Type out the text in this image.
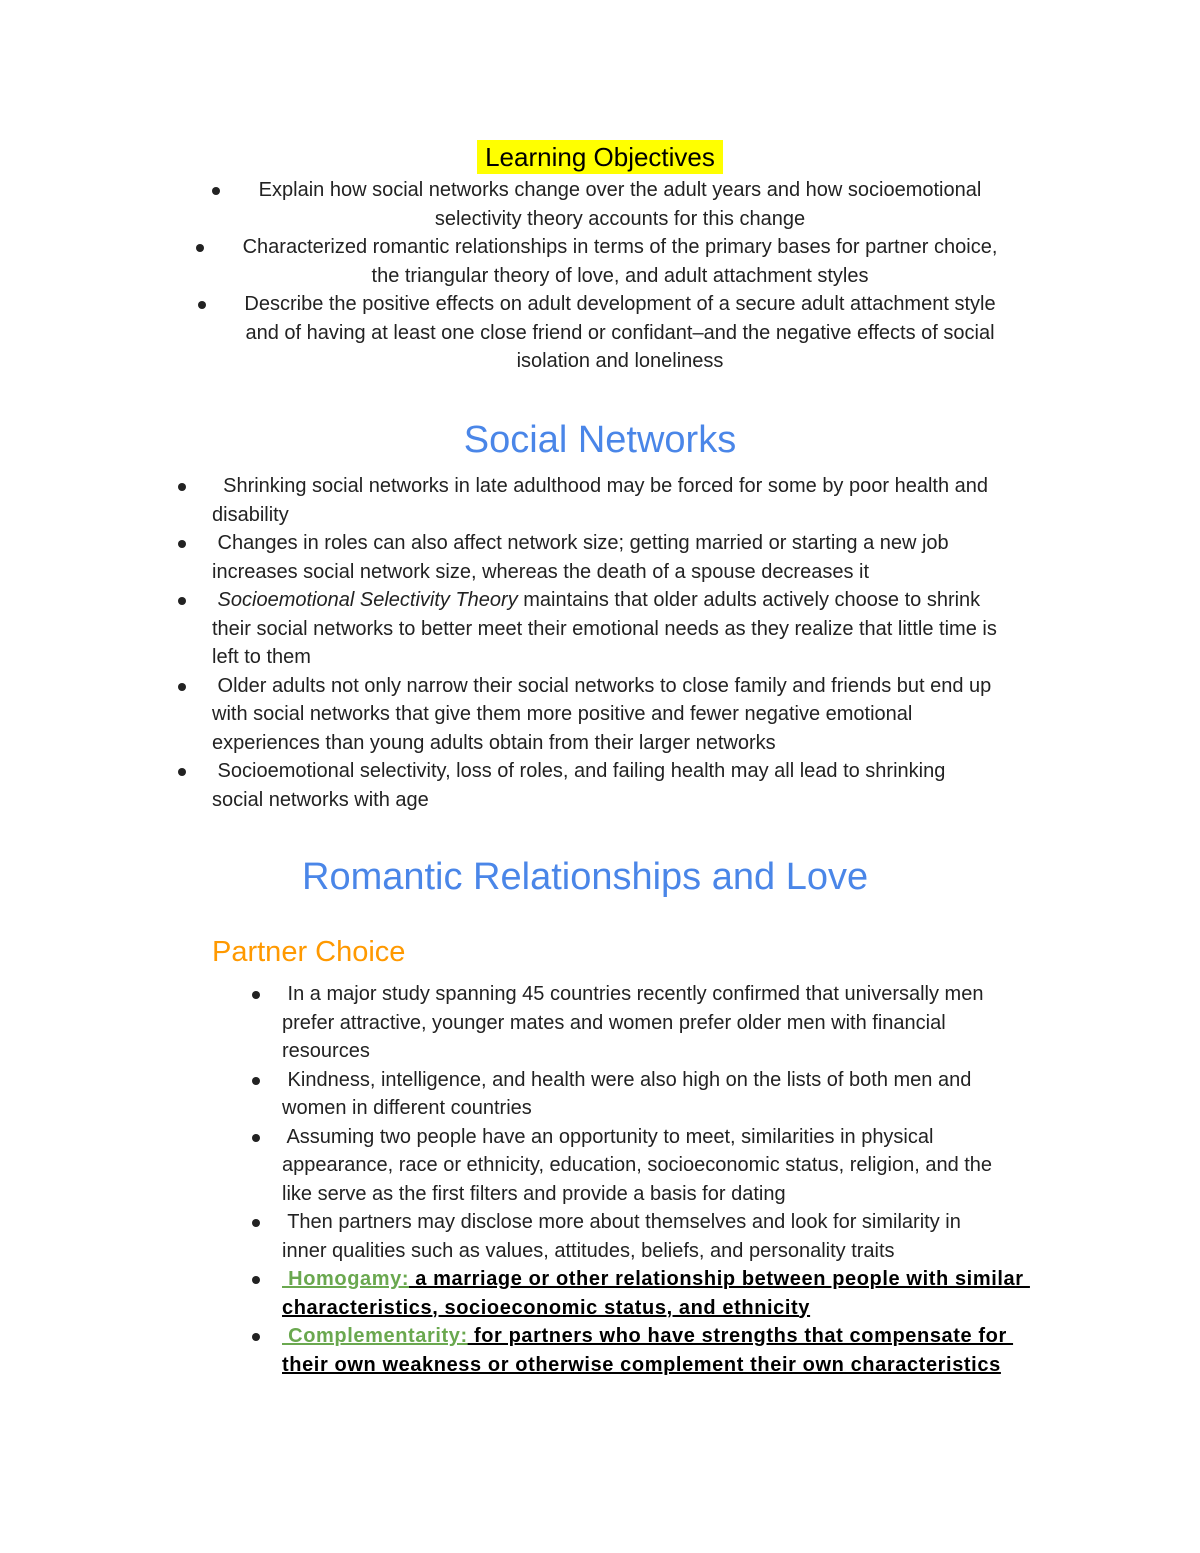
Learning Objectives
Explain how social networks change over the adult years and how socioemotional
selectivity theory accounts for this change
Characterized romantic relationships in terms of the primary bases for partner choice,
the triangular theory of love, and adult attachment styles
Describe the positive effects on adult development of a secure adult attachment style
and of having at least one close friend or confidant–and the negative effects of social
isolation and loneliness
Social Networks
Shrinking social networks in late adulthood may be forced for some by poor health and
disability
Changes in roles can also affect network size; getting married or starting a new job
increases social network size, whereas the death of a spouse decreases it
Socioemotional Selectivity Theory maintains that older adults actively choose to shrink
their social networks to better meet their emotional needs as they realize that little time is
left to them
Older adults not only narrow their social networks to close family and friends but end up
with social networks that give them more positive and fewer negative emotional
experiences than young adults obtain from their larger networks
Socioemotional selectivity, loss of roles, and failing health may all lead to shrinking
social networks with age
Romantic Relationships and Love
Partner Choice
In a major study spanning 45 countries recently confirmed that universally men
prefer attractive, younger mates and women prefer older men with financial
resources
Kindness, intelligence, and health were also high on the lists of both men and
women in different countries
Assuming two people have an opportunity to meet, similarities in physical
appearance, race or ethnicity, education, socioeconomic status, religion, and the
like serve as the first filters and provide a basis for dating
Then partners may disclose more about themselves and look for similarity in
inner qualities such as values, attitudes, beliefs, and personality traits
Homogamy: a marriage or other relationship between people with similar
characteristics, socioeconomic status, and ethnicity
Complementarity: for partners who have strengths that compensate for
their own weakness or otherwise complement their own characteristics
